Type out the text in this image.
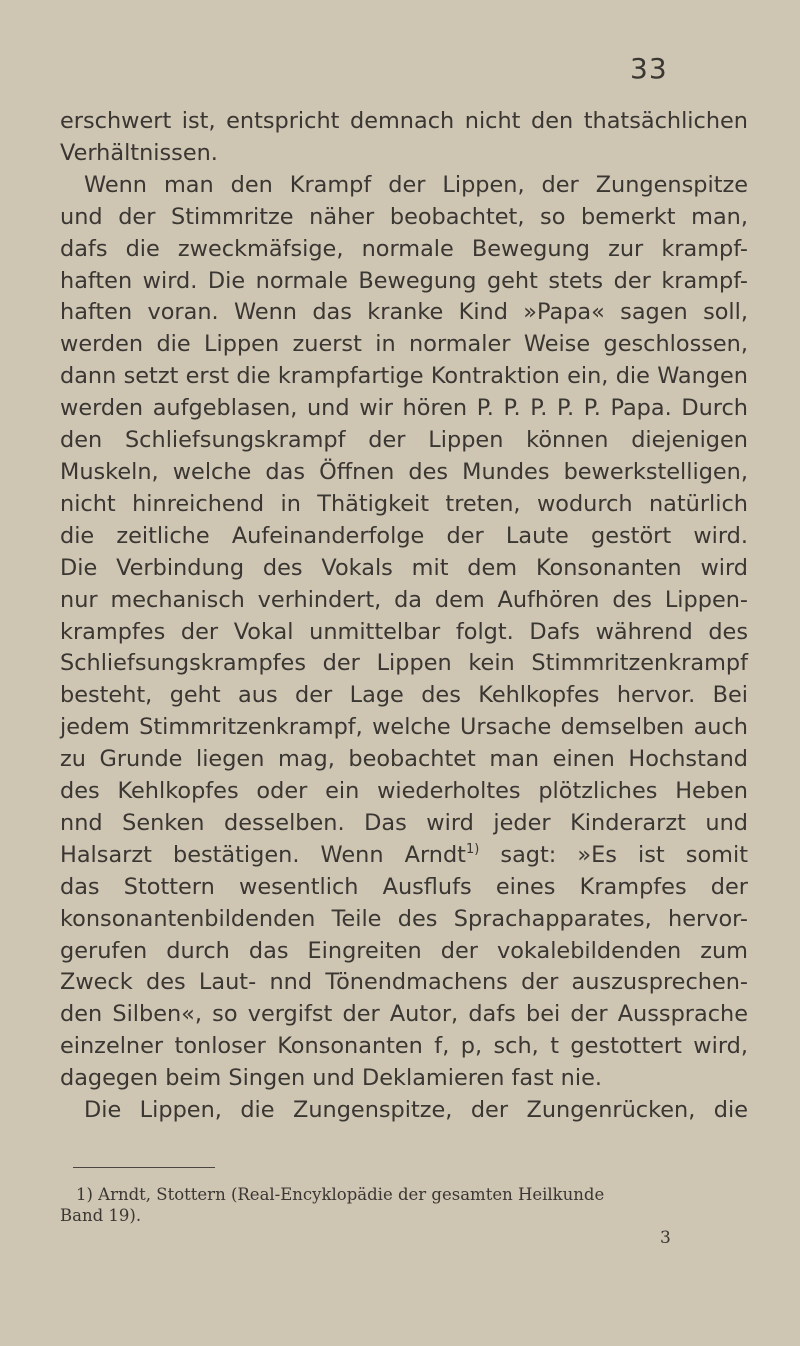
33
erschwert ist, entspricht demnach nicht den thatsächlichen
Verhältnissen.
Wenn man den Krampf der Lippen, der Zungenspitze
und der Stimmritze näher beobachtet, so bemerkt man,
dafs die zweckmäfsige, normale Bewegung zur krampf-
haften wird. Die normale Bewegung geht stets der krampf-
haften voran. Wenn das kranke Kind »Papa« sagen soll,
werden die Lippen zuerst in normaler Weise geschlossen,
dann setzt erst die krampfartige Kontraktion ein, die Wangen
werden aufgeblasen, und wir hören P. P. P. P. P. Papa. Durch
den Schliefsungskrampf der Lippen können diejenigen
Muskeln, welche das Öffnen des Mundes bewerkstelligen,
nicht hinreichend in Thätigkeit treten, wodurch natürlich
die zeitliche Aufeinanderfolge der Laute gestört wird.
Die Verbindung des Vokals mit dem Konsonanten wird
nur mechanisch verhindert, da dem Aufhören des Lippen-
krampfes der Vokal unmittelbar folgt. Dafs während des
Schliefsungskrampfes der Lippen kein Stimmritzenkrampf
besteht, geht aus der Lage des Kehlkopfes hervor. Bei
jedem Stimmritzenkrampf, welche Ursache demselben auch
zu Grunde liegen mag, beobachtet man einen Hochstand
des Kehlkopfes oder ein wiederholtes plötzliches Heben
nnd Senken desselben. Das wird jeder Kinderarzt und
Halsarzt bestätigen. Wenn Arndt$^{1)}$ sagt: »Es ist somit
das Stottern wesentlich Ausflufs eines Krampfes der
konsonantenbildenden Teile des Sprachapparates, hervor-
gerufen durch das Eingreiten der vokalebildenden zum
Zweck des Laut- nnd Tönendmachens der auszusprechen-
den Silben«, so vergifst der Autor, dafs bei der Aussprache
einzelner tonloser Konsonanten f, p, sch, t gestottert wird,
dagegen beim Singen und Deklamieren fast nie.
Die Lippen, die Zungenspitze, der Zungenrücken, die
1) Arndt, Stottern (Real-Encyklopädie der gesamten Heilkunde
Band 19).
3
